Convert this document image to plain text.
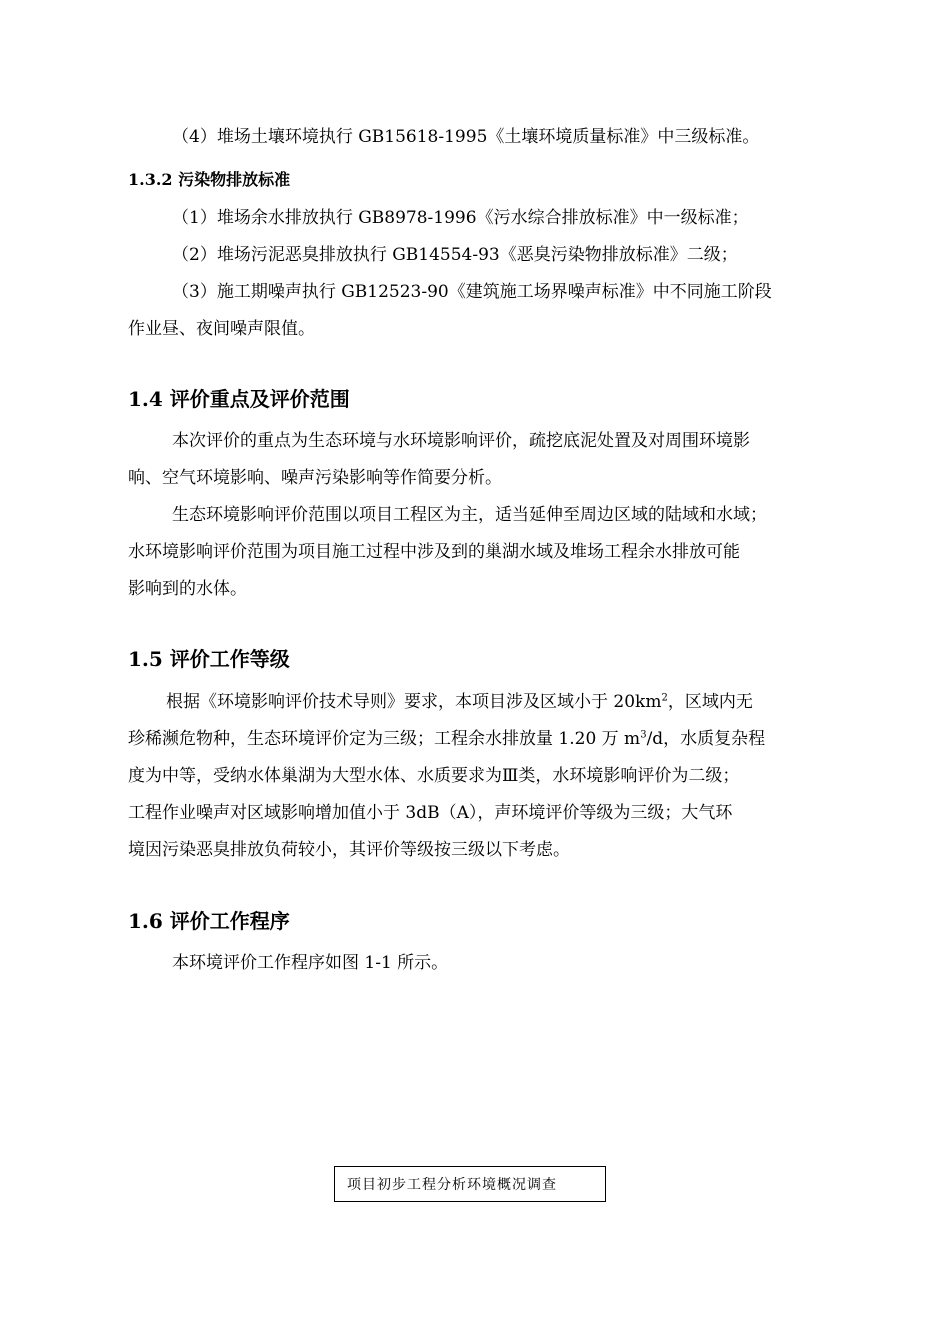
（4）堆场土壤环境执行 GB15618-1995《土壤环境质量标准》中三级标准。

1.3.2 污染物排放标准

（1）堆场余水排放执行 GB8978-1996《污水综合排放标准》中一级标准；

（2）堆场污泥恶臭排放执行 GB14554-93《恶臭污染物排放标准》二级；

（3）施工期噪声执行 GB12523-90《建筑施工场界噪声标准》中不同施工阶段

作业昼、夜间噪声限值。

1.4 评价重点及评价范围

本次评价的重点为生态环境与水环境影响评价，疏挖底泥处置及对周围环境影

响、空气环境影响、噪声污染影响等作简要分析。

生态环境影响评价范围以项目工程区为主，适当延伸至周边区域的陆域和水域；

水环境影响评价范围为项目施工过程中涉及到的巢湖水域及堆场工程余水排放可能

影响到的水体。

1.5 评价工作等级

根据《环境影响评价技术导则》要求，本项目涉及区域小于 $20km^2$，区域内无

珍稀濒危物种，生态环境评价定为三级；工程余水排放量 1.20 万 $m^3/d$，水质复杂程

度为中等，受纳水体巢湖为大型水体、水质要求为Ⅲ类，水环境影响评价为二级；

工程作业噪声对区域影响增加值小于 3dB（A），声环境评价等级为三级；大气环

境因污染恶臭排放负荷较小，其评价等级按三级以下考虑。

1.6 评价工作程序

本环境评价工作程序如图 1-1 所示。

项目初步工程分析环境概况调查
